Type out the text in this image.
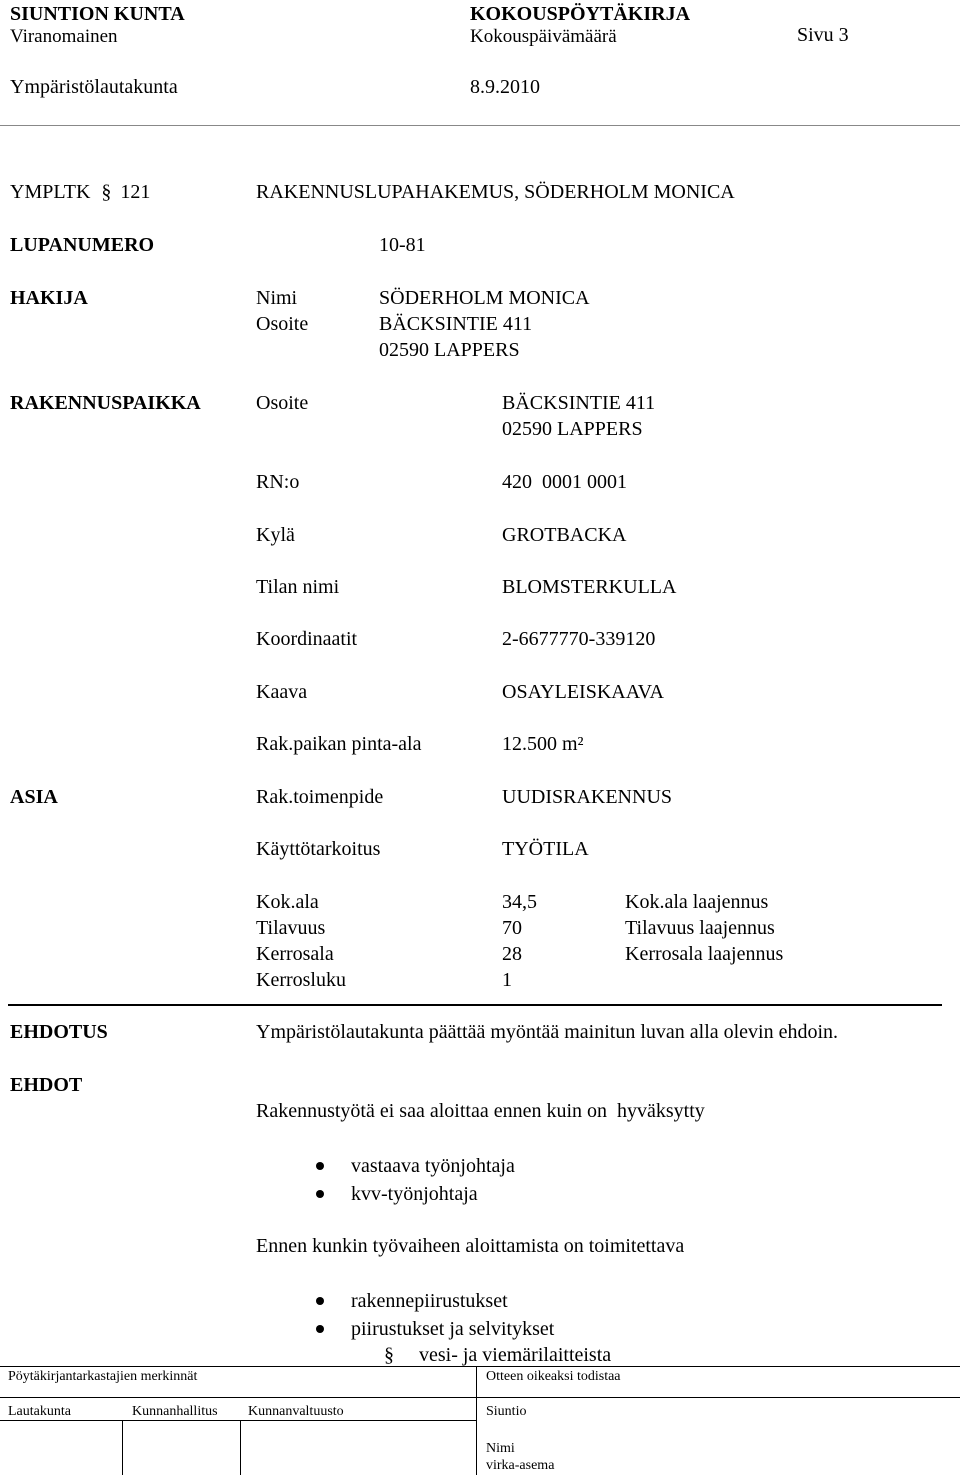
SIUNTION KUNTA	KOKOUSPÖYTÄKIRJA
Viranomainen	Kokouspäivämäärä	Sivu 3
Ympäristölautakunta	8.9.2010
YMPLTK § 121	RAKENNUSLUPAHAKEMUS, SÖDERHOLM MONICA
LUPANUMERO	10-81
HAKIJA	Nimi	SÖDERHOLM MONICA
Osoite	BÄCKSINTIE 411
02590 LAPPERS
RAKENNUSPAIKKA	Osoite	BÄCKSINTIE 411
02590 LAPPERS
RN:o	420  0001 0001
Kylä	GROTBACKA
Tilan nimi	BLOMSTERKULLA
Koordinaatit	2-6677770-339120
Kaava	OSAYLEISKAAVA
Rak.paikan pinta-ala	12.500 m²
ASIA	Rak.toimenpide	UUDISRAKENNUS
Käyttötarkoitus	TYÖTILA
Kok.ala	34,5	Kok.ala laajennus
Tilavuus	70	Tilavuus laajennus
Kerrosala	28	Kerrosala laajennus
Kerrosluku	1
EHDOTUS	Ympäristölautakunta päättää myöntää mainitun luvan alla olevin ehdoin.
EHDOT
Rakennustyötä ei saa aloittaa ennen kuin on  hyväksytty
vastaava työnjohtaja
kvv-työnjohtaja
Ennen kunkin työvaiheen aloittamista on toimitettava
rakennepiirustukset
piirustukset ja selvitykset
§ vesi- ja viemärilaitteista
Pöytäkirjantarkastajien merkinnät	Otteen oikeaksi todistaa
Lautakunta	Kunnanhallitus Kunnanvaltuusto	Siuntio
Nimi
virka-asema
